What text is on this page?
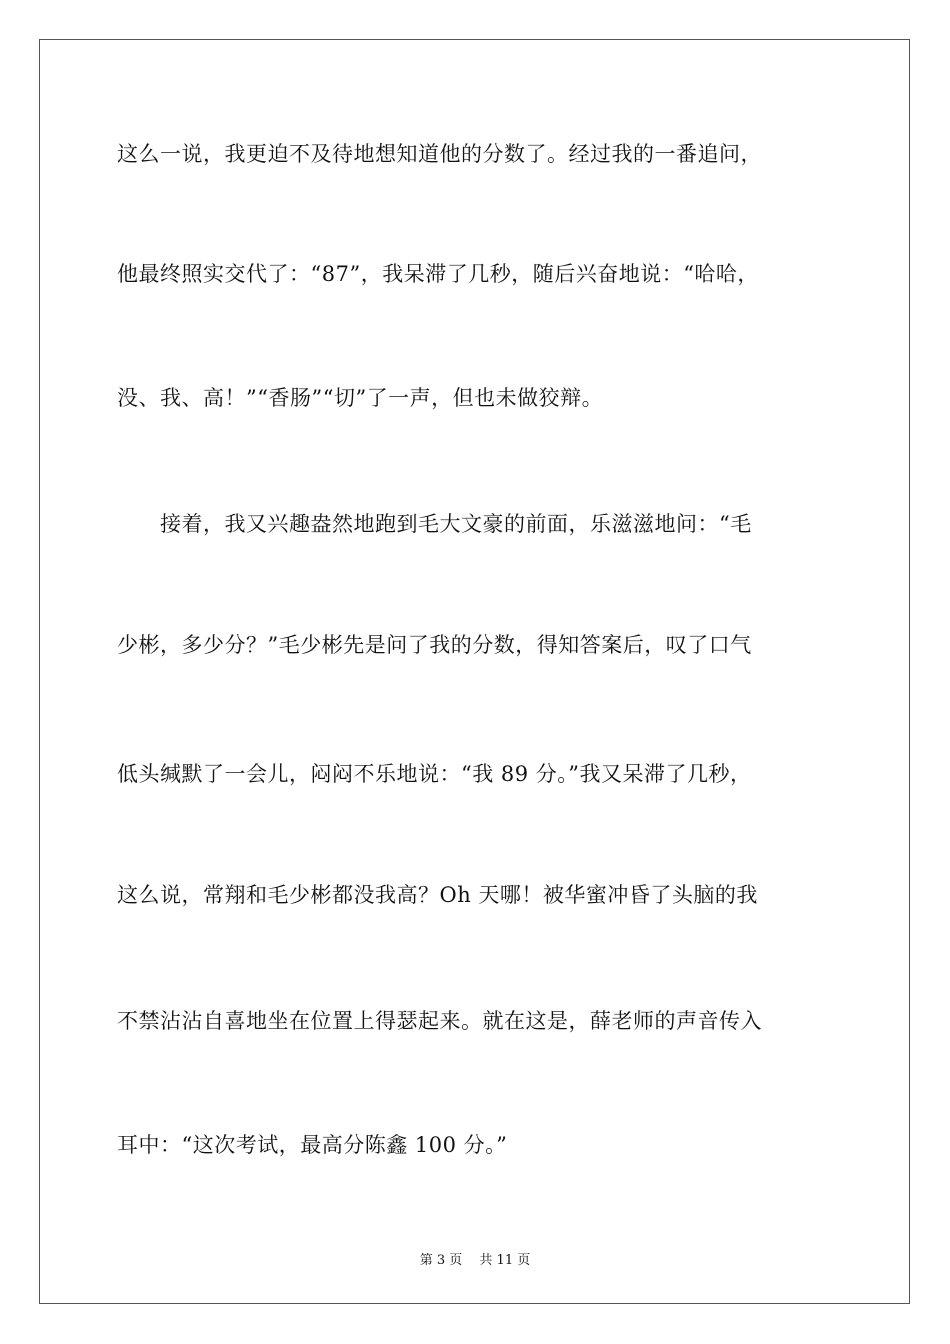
这么一说，我更迫不及待地想知道他的分数了。经过我的一番追问，
他最终照实交代了：“87”，我呆滞了几秒，随后兴奋地说：“哈哈，
没、我、高！”“香肠”“切”了一声，但也未做狡辩。
　　接着，我又兴趣盎然地跑到毛大文豪的前面，乐滋滋地问：“毛
少彬，多少分？”毛少彬先是问了我的分数，得知答案后，叹了口气
低头缄默了一会儿，闷闷不乐地说：“我 89 分。”我又呆滞了几秒，
这么说，常翔和毛少彬都没我高？Oh 天哪！被华蜜冲昏了头脑的我
不禁沾沾自喜地坐在位置上得瑟起来。就在这是，薛老师的声音传入
耳中：“这次考试，最高分陈鑫 100 分。”
第 3 页　 共 11 页
